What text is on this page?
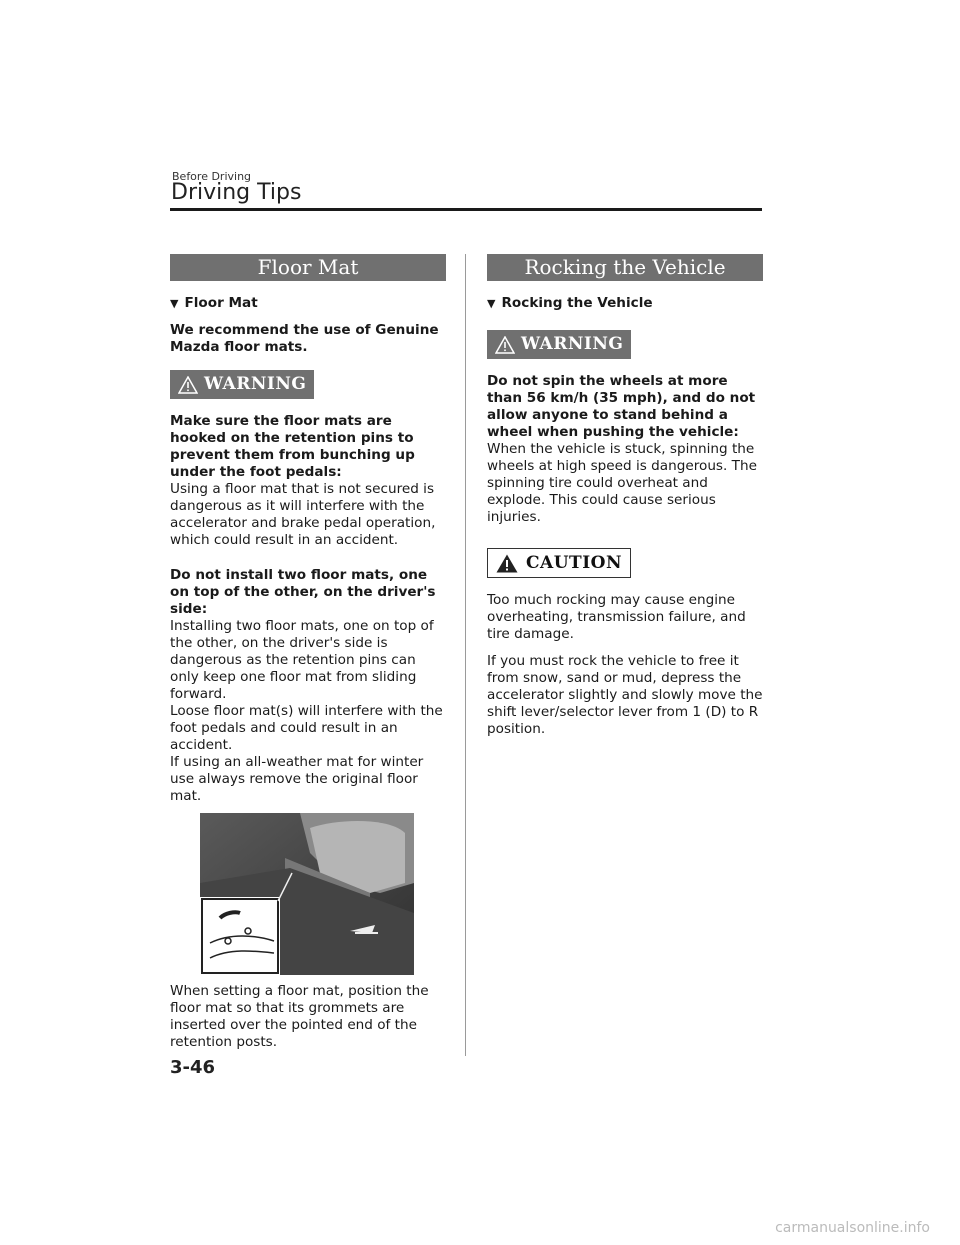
Before Driving
Driving Tips
Floor Mat
▼ Floor Mat

We recommend the use of Genuine Mazda floor mats.

WARNING
Make sure the floor mats are hooked on the retention pins to prevent them from bunching up under the foot pedals:

Using a floor mat that is not secured is dangerous as it will interfere with the accelerator and brake pedal operation, which could result in an accident.

Do not install two floor mats, one on top of the other, on the driver's side:
Installing two floor mats, one on top of the other, on the driver's side is dangerous as the retention pins can only keep one floor mat from sliding forward.
Loose floor mat(s) will interfere with the foot pedals and could result in an accident.
If using an all-weather mat for winter use always remove the original floor mat.

When setting a floor mat, position the floor mat so that its grommets are inserted over the pointed end of the retention posts.

Rocking the Vehicle
▼ Rocking the Vehicle
WARNING
Do not spin the wheels at more than 56 km/h (35 mph), and do not allow anyone to stand behind a wheel when pushing the vehicle:

When the vehicle is stuck, spinning the wheels at high speed is dangerous. The spinning tire could overheat and explode. This could cause serious injuries.

CAUTION

Too much rocking may cause engine overheating, transmission failure, and tire damage.

If you must rock the vehicle to free it from snow, sand or mud, depress the accelerator slightly and slowly move the shift lever/selector lever from 1 (D) to R position.

3-46
carmanualsonline.info
